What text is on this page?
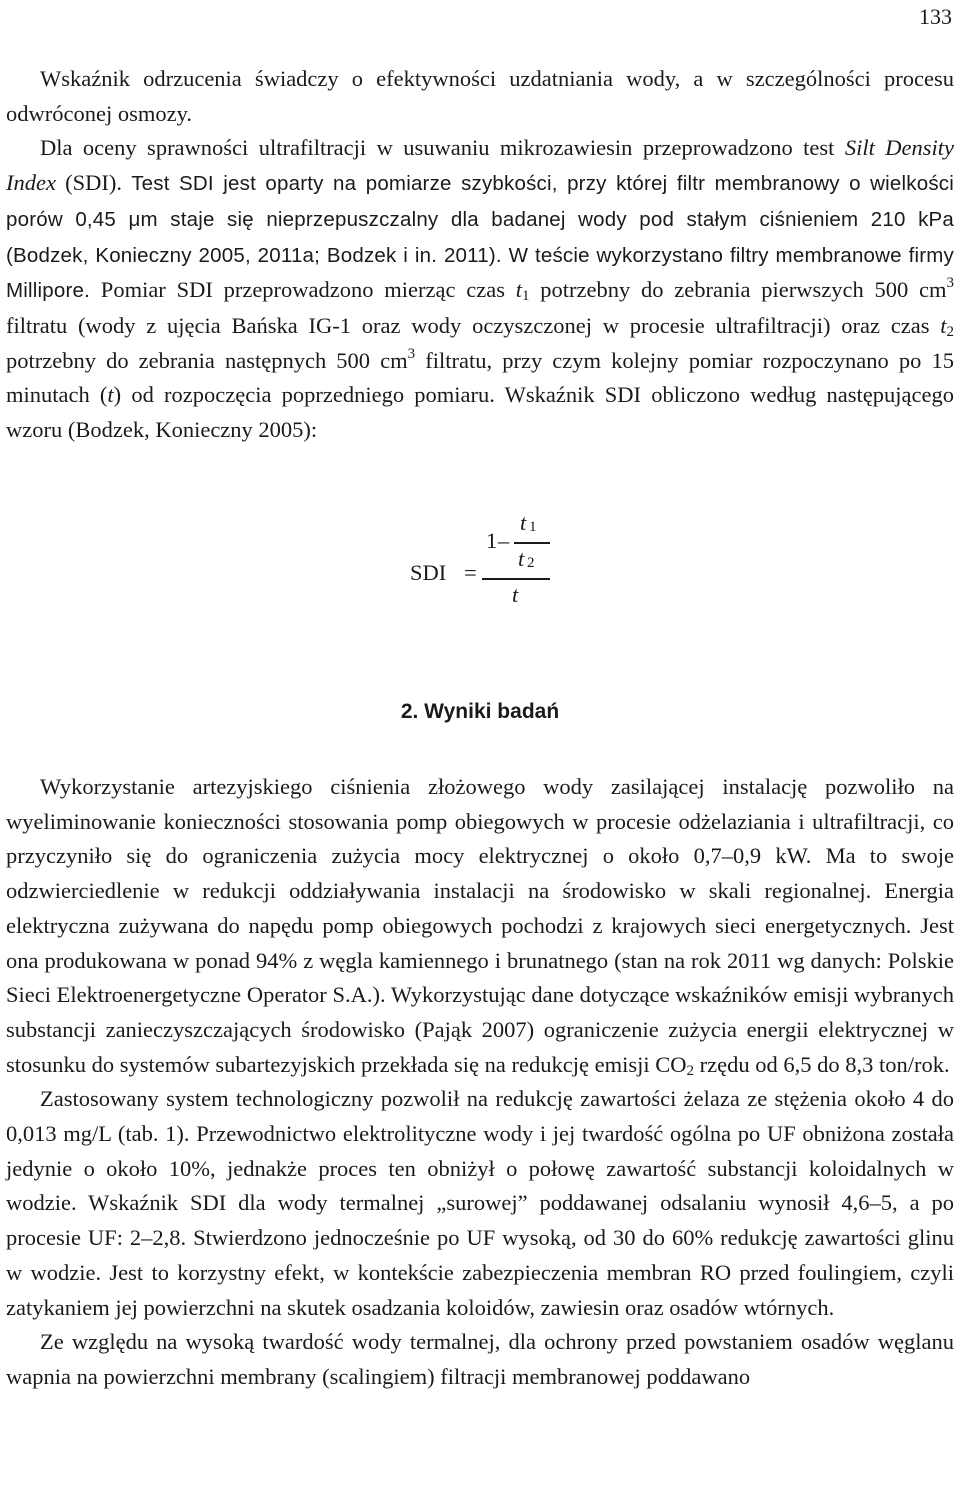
133

Wskaźnik odrzucenia świadczy o efektywności uzdatniania wody, a w szczególności procesu odwróconej osmozy.

Dla oceny sprawności ultrafiltracji w usuwaniu mikrozawiesin przeprowadzono test Silt Density Index (SDI). Test SDI jest oparty na pomiarze szybkości, przy której filtr membranowy o wielkości porów 0,45 μm staje się nieprzepuszczalny dla badanej wody pod stałym ciśnieniem 210 kPa (Bodzek, Konieczny 2005, 2011a; Bodzek i in. 2011). W teście wykorzystano filtry membranowe firmy Millipore. Pomiar SDI przeprowadzono mierząc czas $t_1$ potrzebny do zebrania pierwszych 500 $cm^3$ filtratu (wody z ujęcia Bańska IG-1 oraz wody oczyszczonej w procesie ultrafiltracji) oraz czas $t_2$ potrzebny do zebrania następnych 500 $cm^3$ filtratu, przy czym kolejny pomiar rozpoczynano po 15 minutach (t) od rozpoczęcia poprzedniego pomiaru. Wskaźnik SDI obliczono według następującego wzoru (Bodzek, Konieczny 2005):

SDI =
1 –
t 1
t 2
t
2. Wyniki badań

Wykorzystanie artezyjskiego ciśnienia złożowego wody zasilającej instalację pozwoliło na wyeliminowanie konieczności stosowania pomp obiegowych w procesie odżelaziania i ultrafiltracji, co przyczyniło się do ograniczenia zużycia mocy elektrycznej o około 0,7–0,9 kW. Ma to swoje odzwierciedlenie w redukcji oddziaływania instalacji na środowisko w skali regionalnej. Energia elektryczna zużywana do napędu pomp obiegowych pochodzi z krajowych sieci energetycznych. Jest ona produkowana w ponad 94% z węgla kamiennego i brunatnego (stan na rok 2011 wg danych: Polskie Sieci Elektroenergetyczne Operator S.A.). Wykorzystując dane dotyczące wskaźników emisji wybranych substancji zanieczyszczających środowisko (Pająk 2007) ograniczenie zużycia energii elektrycznej w stosunku do systemów subartezyjskich przekłada się na redukcję emisji $CO_2$ rzędu od 6,5 do 8,3 ton/rok.

Zastosowany system technologiczny pozwolił na redukcję zawartości żelaza ze stężenia około 4 do 0,013 mg/L (tab. 1). Przewodnictwo elektrolityczne wody i jej twardość ogólna po UF obniżona została jedynie o około 10%, jednakże proces ten obniżył o połowę zawartość substancji koloidalnych w wodzie. Wskaźnik SDI dla wody termalnej „surowej” poddawanej odsalaniu wynosił 4,6–5, a po procesie UF: 2–2,8. Stwierdzono jednocześnie po UF wysoką, od 30 do 60% redukcję zawartości glinu w wodzie. Jest to korzystny efekt, w kontekście zabezpieczenia membran RO przed foulingiem, czyli zatykaniem jej powierzchni na skutek osadzania koloidów, zawiesin oraz osadów wtórnych.

Ze względu na wysoką twardość wody termalnej, dla ochrony przed powstaniem osadów węglanu wapnia na powierzchni membrany (scalingiem) filtracji membranowej poddawano
